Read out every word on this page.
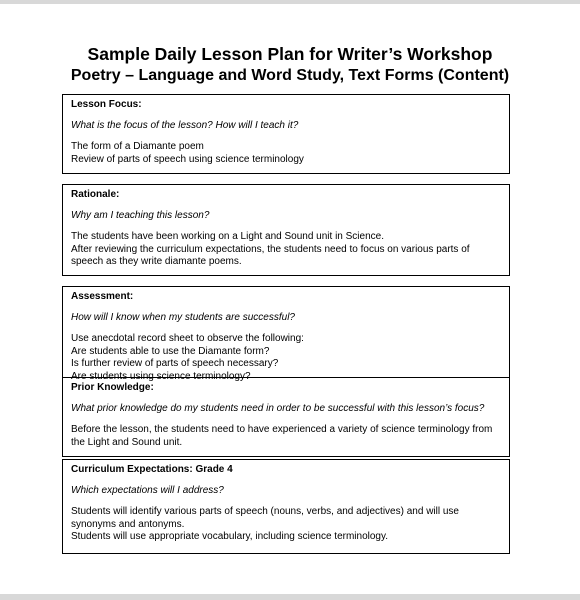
Sample Daily Lesson Plan for Writer’s Workshop
Poetry – Language and Word Study, Text Forms (Content)

Lesson Focus:

What is the focus of the lesson? How will I teach it?

The form of a Diamante poem

Review of parts of speech using science terminology

Rationale:

Why am I teaching this lesson?

The students have been working on a Light and Sound unit in Science.

After reviewing the curriculum expectations, the students need to focus on various parts of speech as they write diamante poems.

Assessment:

How will I know when my students are successful?

Use anecdotal record sheet to observe the following:

Are students able to use the Diamante form?

Is further review of parts of speech necessary?

Are students using science terminology?

Prior Knowledge:

What prior knowledge do my students need in order to be successful with this lesson’s focus?

Before the lesson, the students need to have experienced a variety of science terminology from the Light and Sound unit.

Curriculum Expectations: Grade 4

Which expectations will I address?

Students will identify various parts of speech (nouns, verbs, and adjectives) and will use synonyms and antonyms.

Students will use appropriate vocabulary, including science terminology.
